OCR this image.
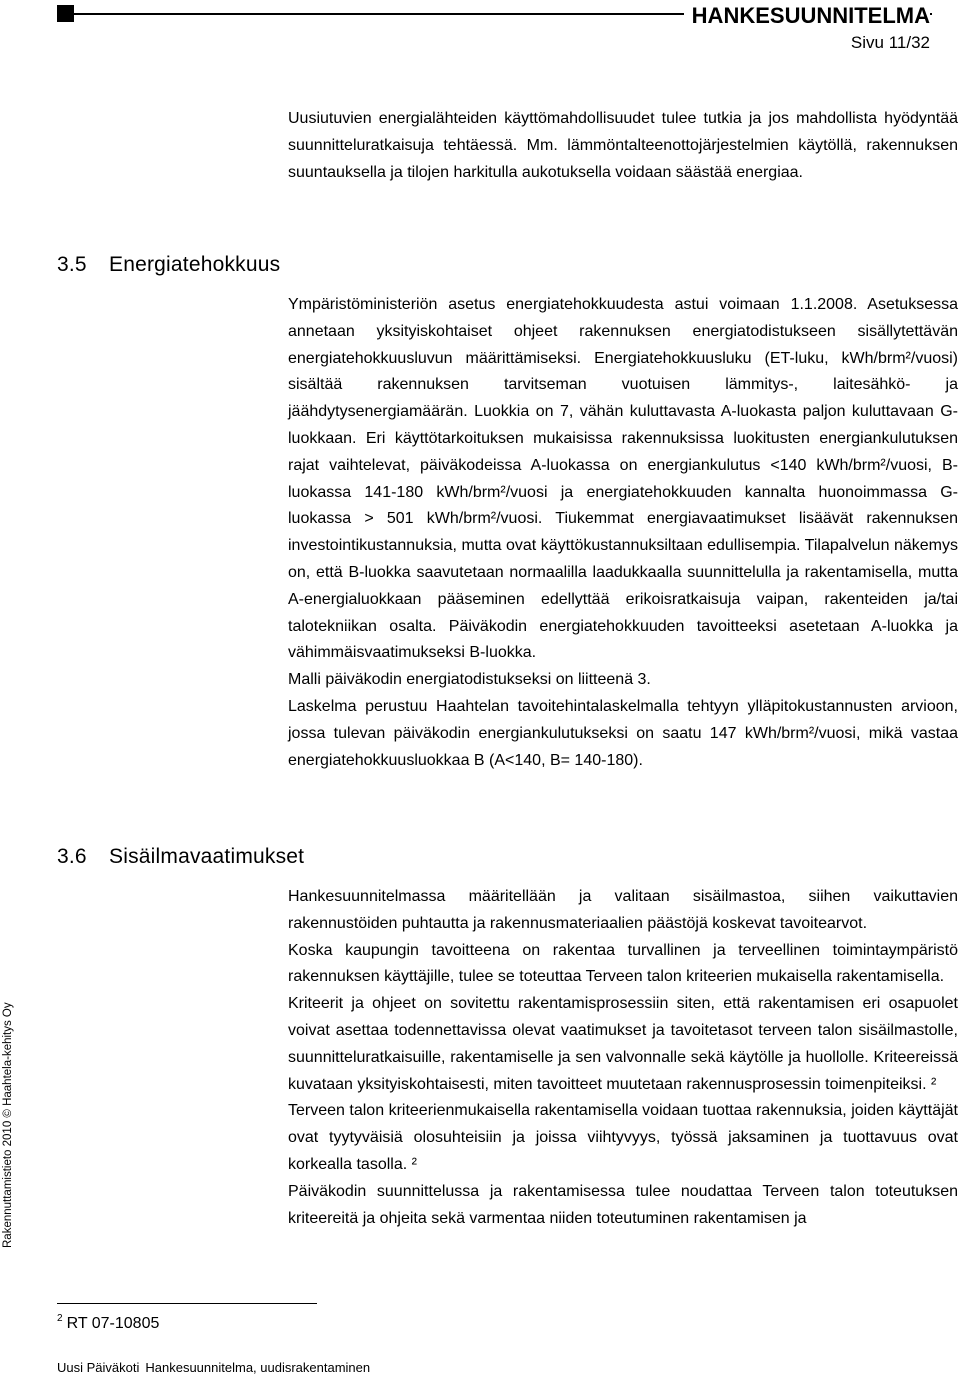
HANKESUUNNITELMA
Sivu 11/32
Rakennuttamistieto 2010 © Haahtela-kehitys Oy

Uusiutuvien energialähteiden käyttömahdollisuudet tulee tutkia ja jos mahdollista hyödyntää suunnitteluratkaisuja tehtäessä. Mm. lämmöntalteenottojärjestelmien käytöllä, rakennuksen suuntauksella ja tilojen harkitulla aukotuksella voidaan säästää energiaa.

3.5 Energiatehokkuus

Ympäristöministeriön asetus energiatehokkuudesta astui voimaan 1.1.2008. Asetuksessa annetaan yksityiskohtaiset ohjeet rakennuksen energiatodistukseen sisällytettävän energiatehokkuusluvun määrittämiseksi. Energiatehokkuusluku (ET-luku, kWh/brm²/vuosi) sisältää rakennuksen tarvitseman vuotuisen lämmitys-, laitesähkö- ja jäähdytysenergiamäärän. Luokkia on 7, vähän kuluttavasta A-luokasta paljon kuluttavaan G-luokkaan. Eri käyttötarkoituksen mukaisissa rakennuksissa luokitusten energiankulutuksen rajat vaihtelevat, päiväkodeissa A-luokassa on energiankulutus <140 kWh/brm²/vuosi, B-luokassa 141-180 kWh/brm²/vuosi ja energiatehokkuuden kannalta huonoimmassa G-luokassa > 501 kWh/brm²/vuosi. Tiukemmat energiavaatimukset lisäävät rakennuksen investointikustannuksia, mutta ovat käyttökustannuksiltaan edullisempia. Tilapalvelun näkemys on, että B-luokka saavutetaan normaalilla laadukkaalla suunnittelulla ja rakentamisella, mutta A-energialuokkaan pääseminen edellyttää erikoisratkaisuja vaipan, rakenteiden ja/tai talotekniikan osalta. Päiväkodin energiatehokkuuden tavoitteeksi asetetaan A-luokka ja vähimmäisvaatimukseksi B-luokka.

Malli päiväkodin energiatodistukseksi on liitteenä 3.

Laskelma perustuu Haahtelan tavoitehintalaskelmalla tehtyyn ylläpitokustannusten arvioon, jossa tulevan päiväkodin energiankulutukseksi on saatu 147 kWh/brm²/vuosi, mikä vastaa energiatehokkuusluokkaa B (A<140, B= 140-180).

3.6 Sisäilmavaatimukset

Hankesuunnitelmassa määritellään ja valitaan sisäilmastoa, siihen vaikuttavien rakennustöiden puhtautta ja rakennusmateriaalien päästöjä koskevat tavoitearvot.

Koska kaupungin tavoitteena on rakentaa turvallinen ja terveellinen toimintaympäristö rakennuksen käyttäjille, tulee se toteuttaa Terveen talon kriteerien mukaisella rakentamisella.

Kriteerit ja ohjeet on sovitettu rakentamisprosessiin siten, että rakentamisen eri osapuolet voivat asettaa todennettavissa olevat vaatimukset ja tavoitetasot terveen talon sisäilmastolle, suunnitteluratkaisuille, rakentamiselle ja sen valvonnalle sekä käytölle ja huollolle. Kriteereissä kuvataan yksityiskohtaisesti, miten tavoitteet muutetaan rakennusprosessin toimenpiteiksi. ²

Terveen talon kriteerienmukaisella rakentamisella voidaan tuottaa rakennuksia, joiden käyttäjät ovat tyytyväisiä olosuhteisiin ja joissa viihtyvyys, työssä jaksaminen ja tuottavuus ovat korkealla tasolla. ²

Päiväkodin suunnittelussa ja rakentamisessa tulee noudattaa Terveen talon toteutuksen kriteereitä ja ohjeita sekä varmentaa niiden toteutuminen rakentamisen ja

$^2$ RT 07-10805
Uusi Päiväkoti Hankesuunnitelma, uudisrakentaminen
